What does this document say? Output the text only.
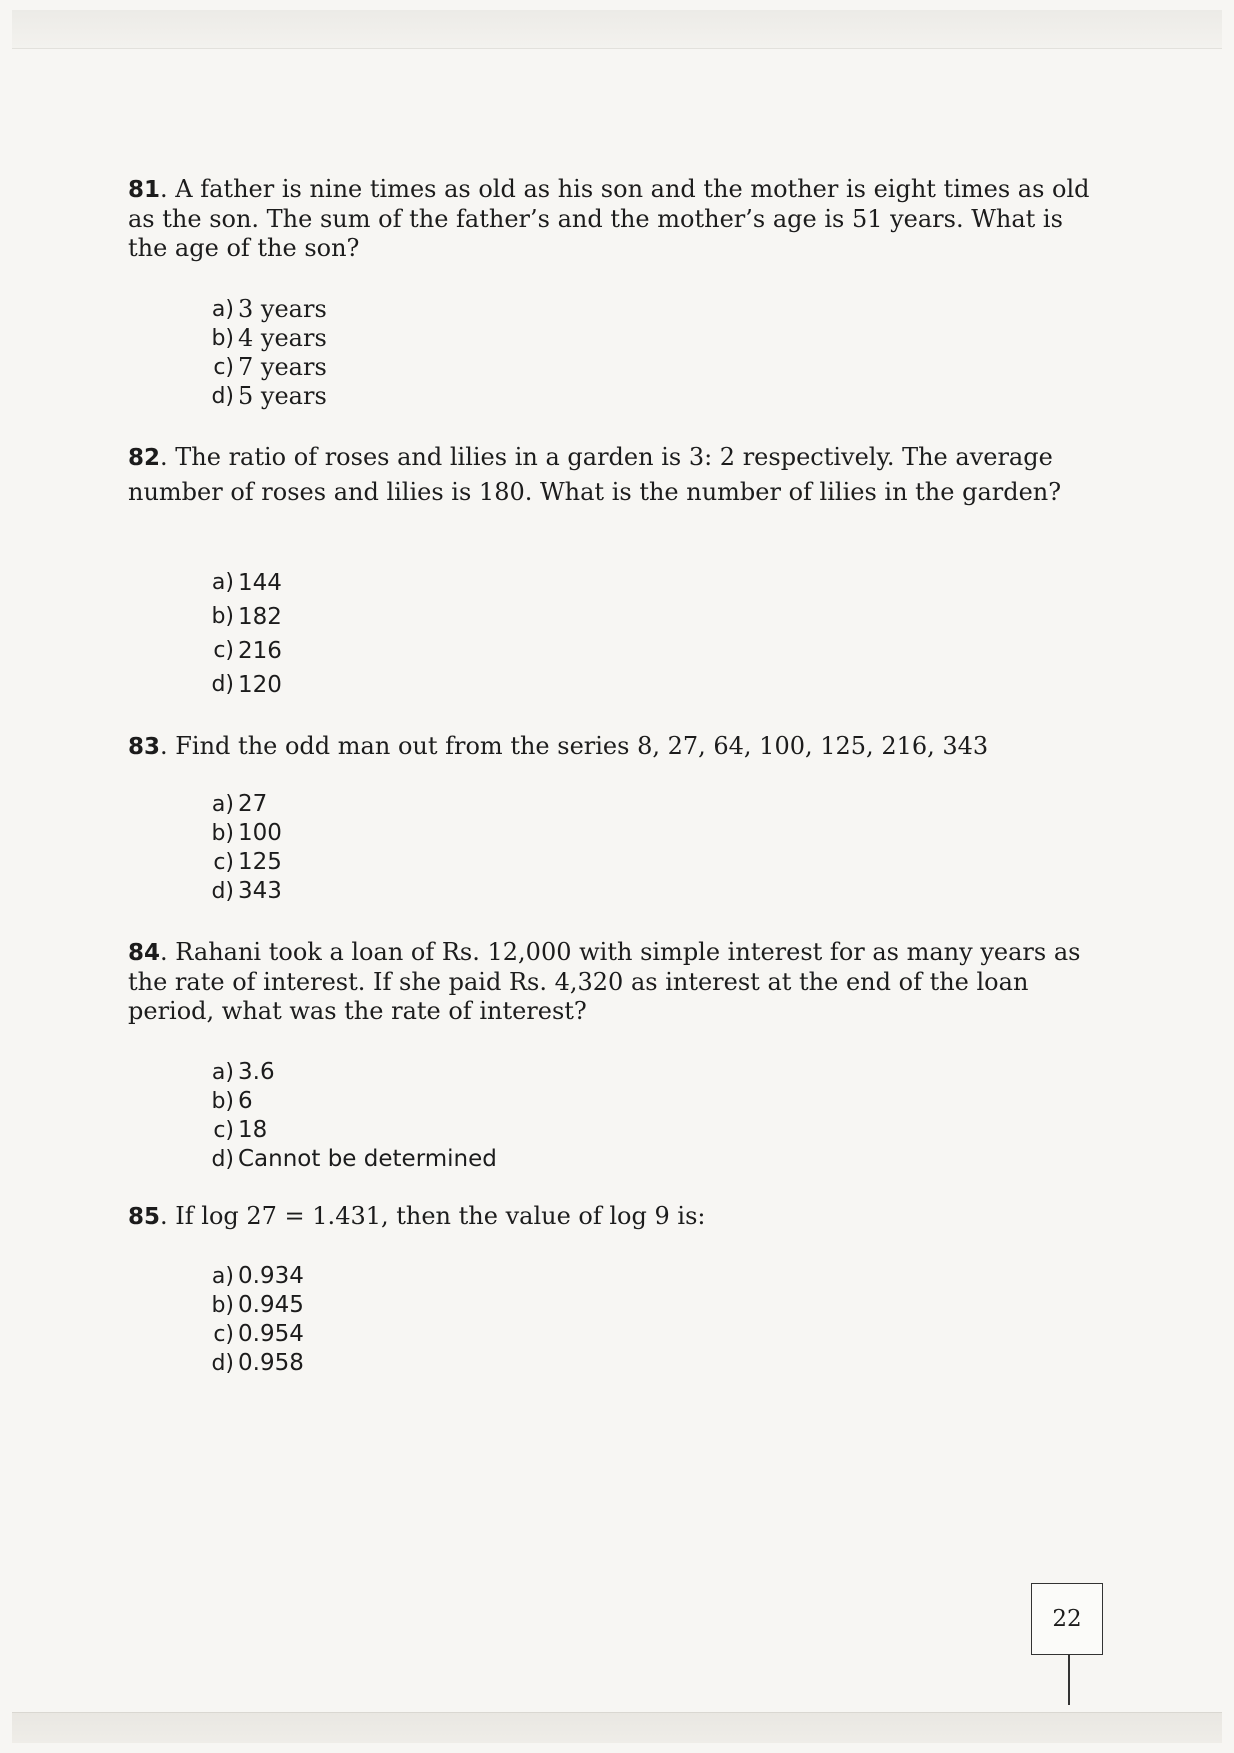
81. A father is nine times as old as his son and the mother is eight times as old as the son. The sum of the father’s and the mother’s age is 51 years. What is the age of the son?

a) 3 years
b) 4 years
c) 7 years
d) 5 years

82. The ratio of roses and lilies in a garden is 3: 2 respectively. The average number of roses and lilies is 180. What is the number of lilies in the garden?

a) 144
b) 182
c) 216
d) 120

83. Find the odd man out from the series 8, 27, 64, 100, 125, 216, 343

a) 27
b) 100
c) 125
d) 343

84. Rahani took a loan of Rs. 12,000 with simple interest for as many years as the rate of interest. If she paid Rs. 4,320 as interest at the end of the loan period, what was the rate of interest?

a) 3.6
b) 6
c) 18
d) Cannot be determined

85. If log 27 = 1.431, then the value of log 9 is:

a) 0.934
b) 0.945
c) 0.954
d) 0.958
22
